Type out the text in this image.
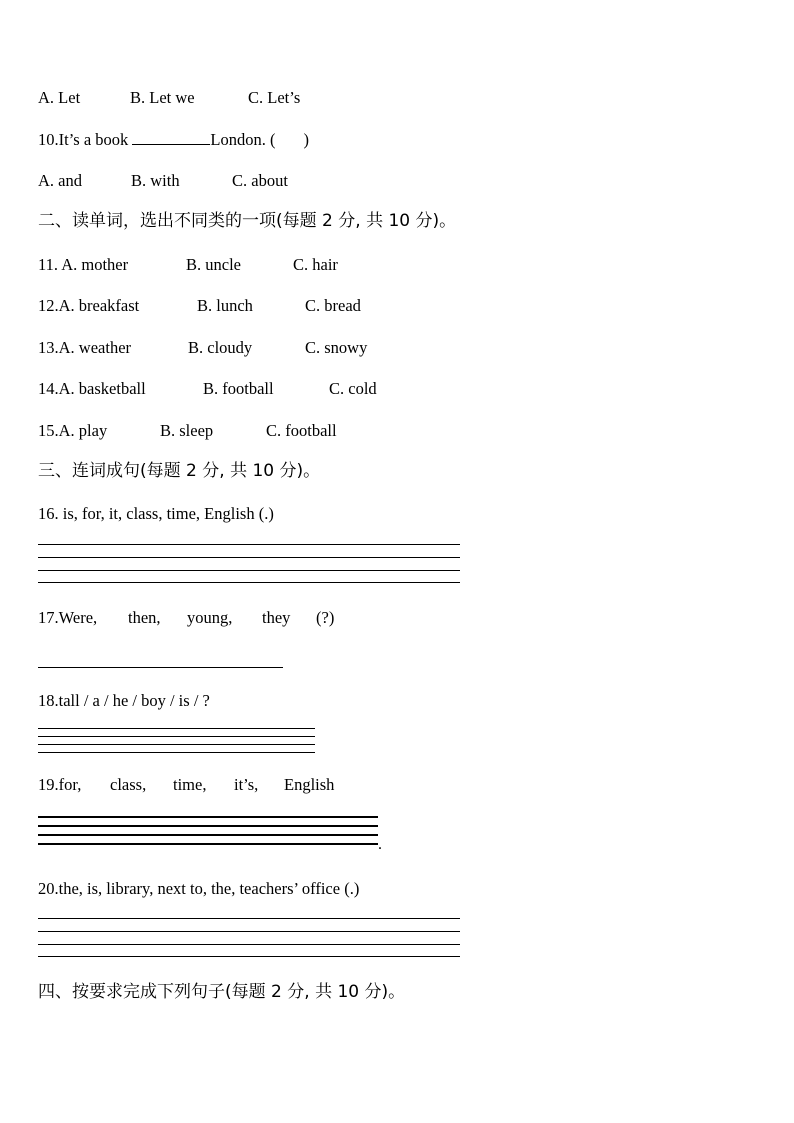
A. Let	B. Let we	C. Let’s
10.It’s a book	London. ( )
A. and	B. with	C. about
二、读单词，选出不同类的一项(每题 2 分, 共 10 分)。
11. A. mother	B. uncle	C. hair
12.A. breakfast	B. lunch	C. bread
13.A. weather	B. cloudy	C. snowy
14.A. basketball	B. football	C. cold
15.A. play	B. sleep	C. football
三、连词成句(每题 2 分, 共 10 分)。
16. is, for, it, class, time, English (.)
17.Were, then, young, they (?)
18.tall / a / he / boy / is / ?
19.for, class, time, it’s, English
.
20.the, is, library, next to, the, teachers’ office (.)
四、按要求完成下列句子(每题 2 分, 共 10 分)。
